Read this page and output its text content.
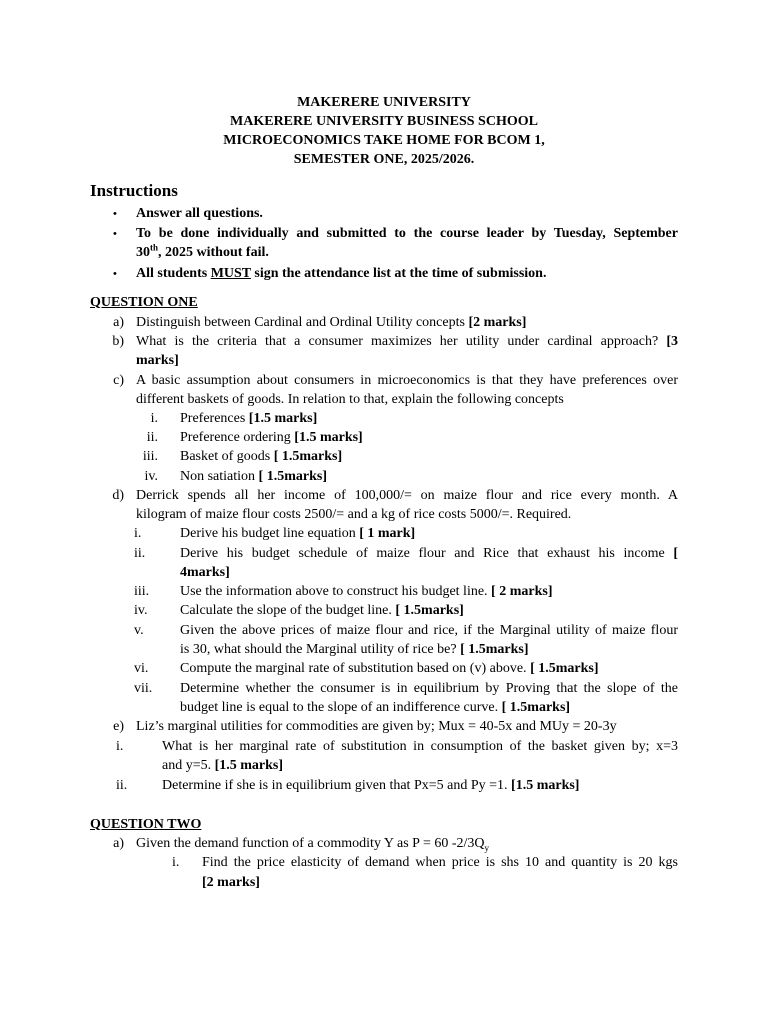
MAKERERE UNIVERSITY
MAKERERE UNIVERSITY BUSINESS SCHOOL
MICROECONOMICS TAKE HOME FOR BCOM 1,
SEMESTER ONE, 2025/2026.
Instructions
• Answer all questions.
• To be done individually and submitted to the course leader by Tuesday, September
30th, 2025 without fail.
• All students MUST sign the attendance list at the time of submission.
QUESTION ONE
a) Distinguish between Cardinal and Ordinal Utility concepts [2 marks]
b) What is the criteria that a consumer maximizes her utility under cardinal approach? [3
marks]
c) A basic assumption about consumers in microeconomics is that they have preferences over
different baskets of goods. In relation to that, explain the following concepts
i. Preferences [1.5 marks]
ii. Preference ordering [1.5 marks]
iii. Basket of goods [ 1.5marks]
iv. Non satiation [ 1.5marks]
d) Derrick spends all her income of 100,000/= on maize flour and rice every month. A
kilogram of maize flour costs 2500/= and a kg of rice costs 5000/=. Required.
i.	Derive his budget line equation [ 1 mark]
ii. Derive his budget schedule of maize flour and Rice that exhaust his income [
4marks]
iii. Use the information above to construct his budget line. [ 2 marks]
iv. Calculate the slope of the budget line. [ 1.5marks]
v.	Given the above prices of maize flour and rice, if the Marginal utility of maize flour
is 30, what should the Marginal utility of rice be? [ 1.5marks]
vi. Compute the marginal rate of substitution based on (v) above. [ 1.5marks]
vii. Determine whether the consumer is in equilibrium by Proving that the slope of the
budget line is equal to the slope of an indifference curve. [ 1.5marks]
e) Liz’s marginal utilities for commodities are given by; Mux = 40-5x and MUy = 20-3y
i.	What is her marginal rate of substitution in consumption of the basket given by; x=3
and y=5. [1.5 marks]
ii. Determine if she is in equilibrium given that Px=5 and Py =1. [1.5 marks]
QUESTION TWO
a) Given the demand function of a commodity Y as P = 60 $-2/3Q_y$
i. Find the price elasticity of demand when price is shs 10 and quantity is 20 kgs
[2 marks]
